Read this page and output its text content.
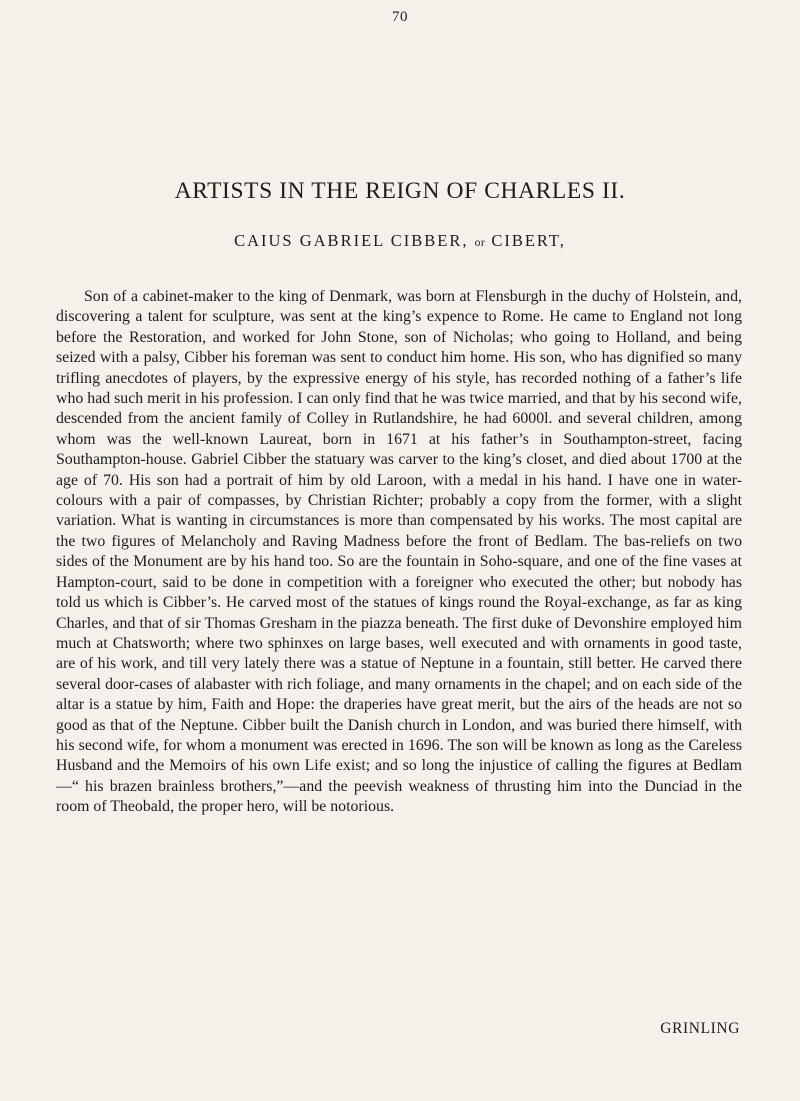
70
ARTISTS IN THE REIGN OF CHARLES II.
CAIUS GABRIEL CIBBER, or CIBERT,

Son of a cabinet-maker to the king of Denmark, was born at Flensburgh in the duchy of Holstein, and, discovering a talent for sculpture, was sent at the king’s expence to Rome. He came to England not long before the Restoration, and worked for John Stone, son of Nicholas; who going to Holland, and being seized with a palsy, Cibber his foreman was sent to conduct him home. His son, who has dignified so many trifling anecdotes of players, by the expressive energy of his style, has recorded nothing of a father’s life who had such merit in his profession. I can only find that he was twice married, and that by his second wife, descended from the ancient family of Colley in Rutlandshire, he had 6000l. and several children, among whom was the well-known Laureat, born in 1671 at his father’s in Southampton-street, facing Southampton-house. Gabriel Cibber the statuary was carver to the king’s closet, and died about 1700 at the age of 70. His son had a portrait of him by old Laroon, with a medal in his hand. I have one in water-colours with a pair of compasses, by Christian Richter; probably a copy from the former, with a slight variation. What is wanting in circumstances is more than compensated by his works. The most capital are the two figures of Melancholy and Raving Madness before the front of Bedlam. The bas-reliefs on two sides of the Monument are by his hand too. So are the fountain in Soho-square, and one of the fine vases at Hampton-court, said to be done in competition with a foreigner who executed the other; but nobody has told us which is Cibber’s. He carved most of the statues of kings round the Royal-exchange, as far as king Charles, and that of sir Thomas Gresham in the piazza beneath. The first duke of Devonshire employed him much at Chatsworth; where two sphinxes on large bases, well executed and with ornaments in good taste, are of his work, and till very lately there was a statue of Neptune in a fountain, still better. He carved there several door-cases of alabaster with rich foliage, and many ornaments in the chapel; and on each side of the altar is a statue by him, Faith and Hope: the draperies have great merit, but the airs of the heads are not so good as that of the Neptune. Cibber built the Danish church in London, and was buried there himself, with his second wife, for whom a monument was erected in 1696. The son will be known as long as the Careless Husband and the Memoirs of his own Life exist; and so long the injustice of calling the figures at Bedlam —“ his brazen brainless brothers,”—and the peevish weakness of thrusting him into the Dunciad in the room of Theobald, the proper hero, will be notorious.

GRINLING
